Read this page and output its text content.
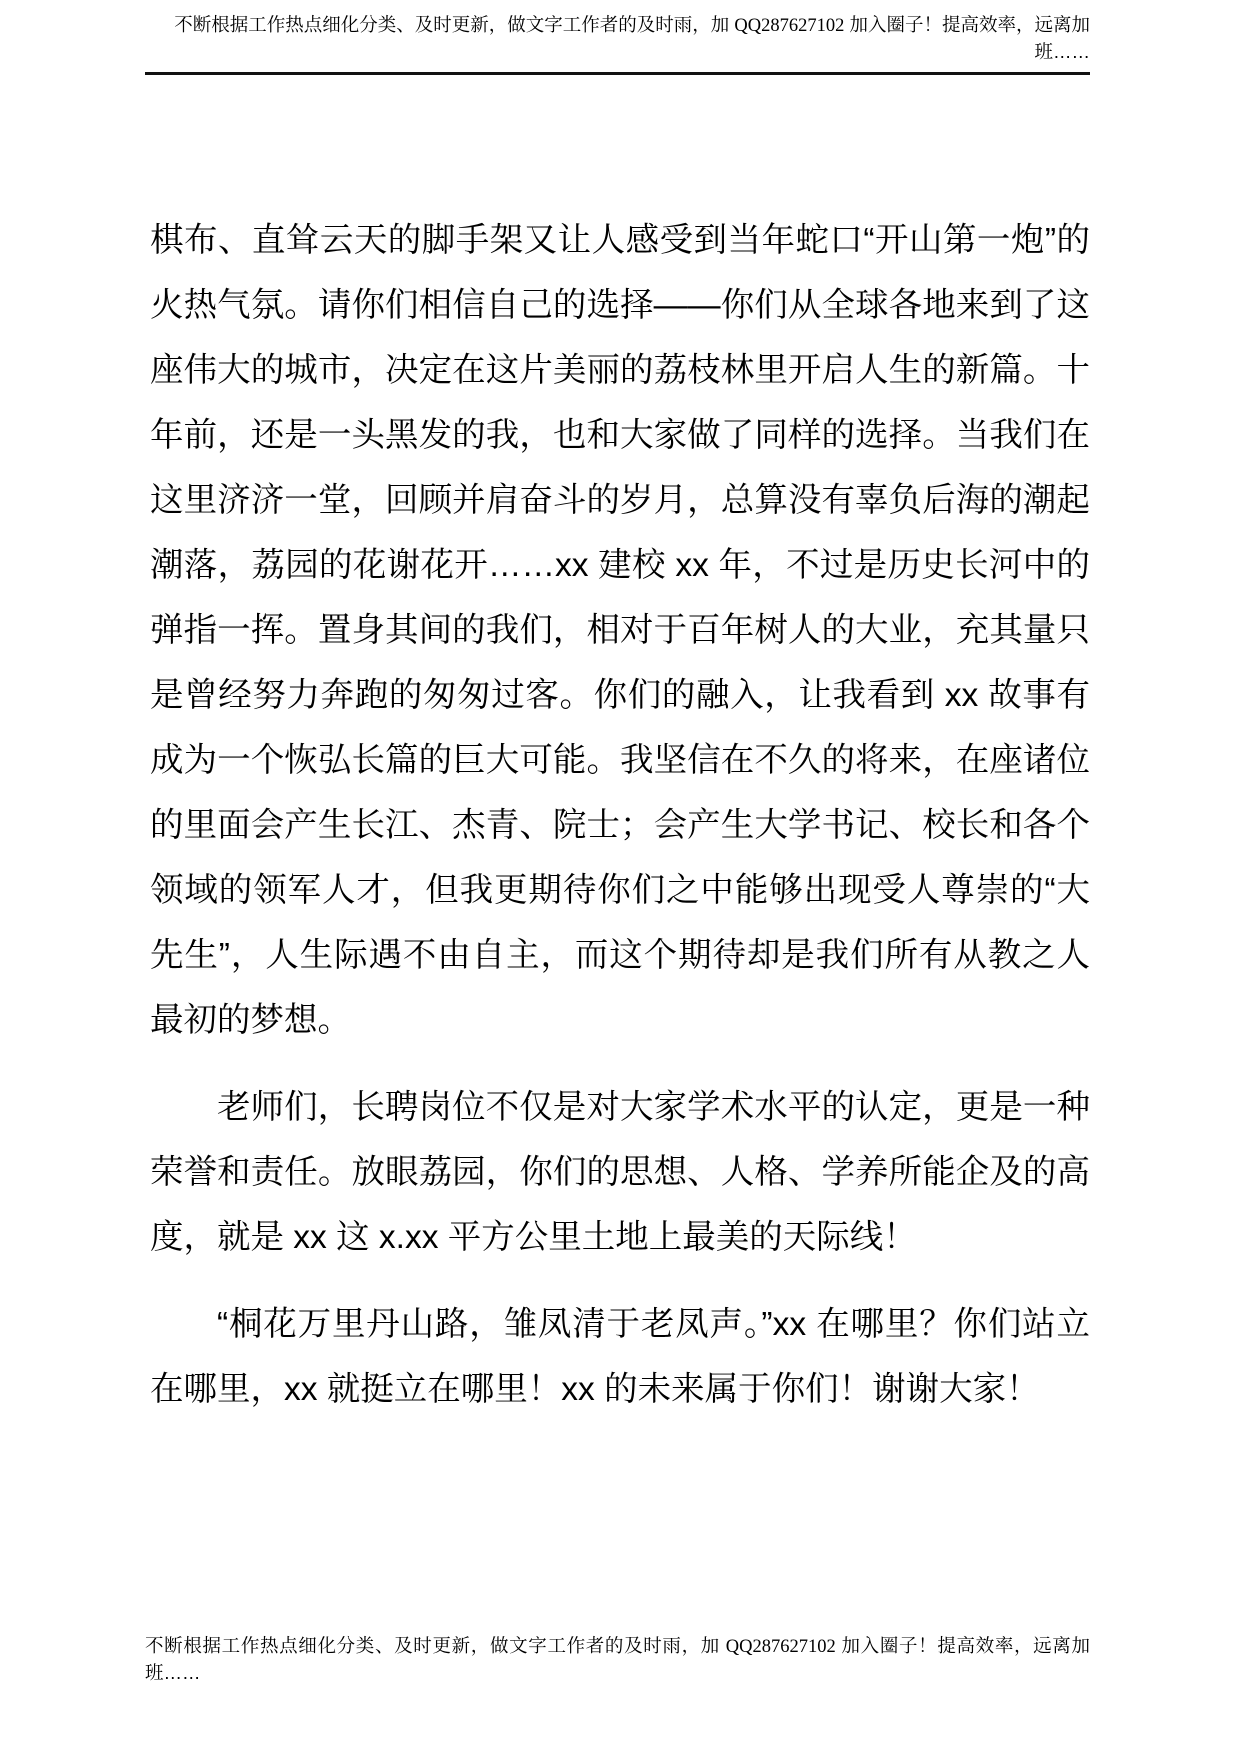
不断根据工作热点细化分类、及时更新，做文字工作者的及时雨，加 QQ287627102 加入圈子！提高效率，远离加班……

棋布、直耸云天的脚手架又让人感受到当年蛇口“开山第一炮”的火热气氛。请你们相信自己的选择——你们从全球各地来到了这座伟大的城市，决定在这片美丽的荔枝林里开启人生的新篇。十年前，还是一头黑发的我，也和大家做了同样的选择。当我们在这里济济一堂，回顾并肩奋斗的岁月，总算没有辜负后海的潮起潮落，荔园的花谢花开……xx 建校 xx 年，不过是历史长河中的弹指一挥。置身其间的我们，相对于百年树人的大业，充其量只是曾经努力奔跑的匆匆过客。你们的融入，让我看到 xx 故事有成为一个恢弘长篇的巨大可能。我坚信在不久的将来，在座诸位的里面会产生长江、杰青、院士；会产生大学书记、校长和各个领域的领军人才，但我更期待你们之中能够出现受人尊崇的“大先生”，人生际遇不由自主，而这个期待却是我们所有从教之人最初的梦想。

老师们，长聘岗位不仅是对大家学术水平的认定，更是一种荣誉和责任。放眼荔园，你们的思想、人格、学养所能企及的高度，就是 xx 这 x.xx 平方公里土地上最美的天际线！

“桐花万里丹山路，雏凤清于老凤声。”xx 在哪里？你们站立在哪里，xx 就挺立在哪里！xx 的未来属于你们！谢谢大家！

不断根据工作热点细化分类、及时更新，做文字工作者的及时雨，加 QQ287627102 加入圈子！提高效率，远离加班……
